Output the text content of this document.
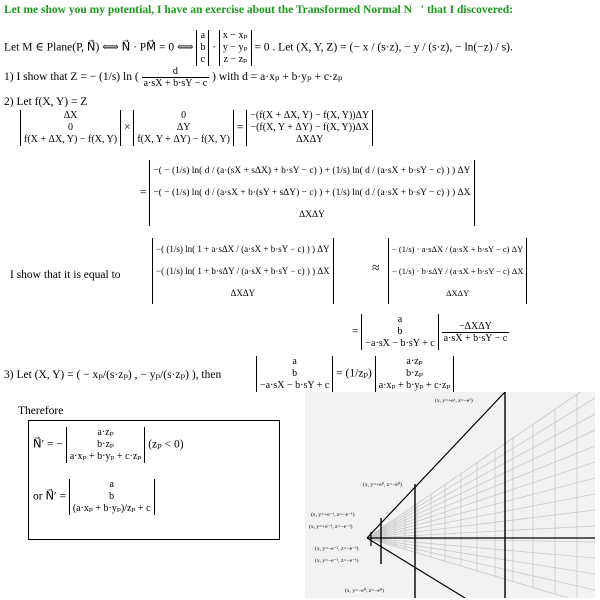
Let me show you my potential, I have an exercise about the Transformed Normal N⃗′ that I discovered:
Let M ∈ Plane(P, N⃗) ⟺ N⃗ · PM⃗ = 0 ⟺
a
b
c
·
x − xₚ
y − yₚ
z − zₚ
= 0 . Let (X, Y, Z) = (− x / (s·z), − y / (s·z), − ln(−z) / s).
1) I show that Z = − (1/s) ln ( $\frac{d}{a\cdot sX + b\cdot sY - c}$ ) with d = a·xₚ + b·yₚ + c·zₚ
2) Let f(X, Y) = Z
ΔX
0
f(X + ΔX, Y) − f(X, Y)
×
0
ΔY
f(X, Y + ΔY) − f(X, Y)
=
−(f(X + ΔX, Y) − f(X, Y))ΔY
−(f(X, Y + ΔY) − f(X, Y))ΔX
ΔXΔY
=
−( − (1/s) ln( d / (a·(sX + sΔX) + b·sY − c) ) + (1/s) ln( d / (a·sX + b·sY − c) ) ) ΔY
−( − (1/s) ln( d / (a·sX + b·(sY + sΔY) − c) ) + (1/s) ln( d / (a·sX + b·sY − c) ) ) ΔX
ΔXΔY
I show that it is equal to
−( (1/s) ln( 1 + a·sΔX / (a·sX + b·sY − c) ) ) ΔY
−( (1/s) ln( 1 + b·sΔY / (a·sX + b·sY − c) ) ) ΔX
ΔXΔY
≈
− (1/s) · a·sΔX / (a·sX + b·sY − c) ΔY
− (1/s) · b·sΔY / (a·sX + b·sY − c) ΔX
ΔXΔY
=
a
b
−a·sX − b·sY + c
$\frac{\text{−ΔXΔY}}{a\cdot sX + b\cdot sY - c}$
3) Let (X, Y) = ( − xₚ/(s·zₚ) , − yₚ/(s·zₚ) ), then
a
b
−a·sX − b·sY + c
= (1/zₚ)
a·zₚ
b·zₚ
a·xₚ + b·yₚ + c·zₚ
Therefore
N⃗′ = −
a·zₚ
b·zₚ
a·xₚ + b·yₚ + c·zₚ
(zₚ < 0)
or N⃗′ =
a
b
(a·xₚ + b·yₚ)/zₚ + c
(x, y=+e¹, z=−e¹)
(x, y=+e⁰, z=−e⁰)
(x, y=+e⁻¹, z=−e⁻¹)
(x, y=+e⁻², z=−e⁻²)
(x, y=−e⁻², z=−e⁻²)
(x, y=−e⁻¹, z=−e⁻¹)
(x, y=−e⁰, z=−e⁰)
